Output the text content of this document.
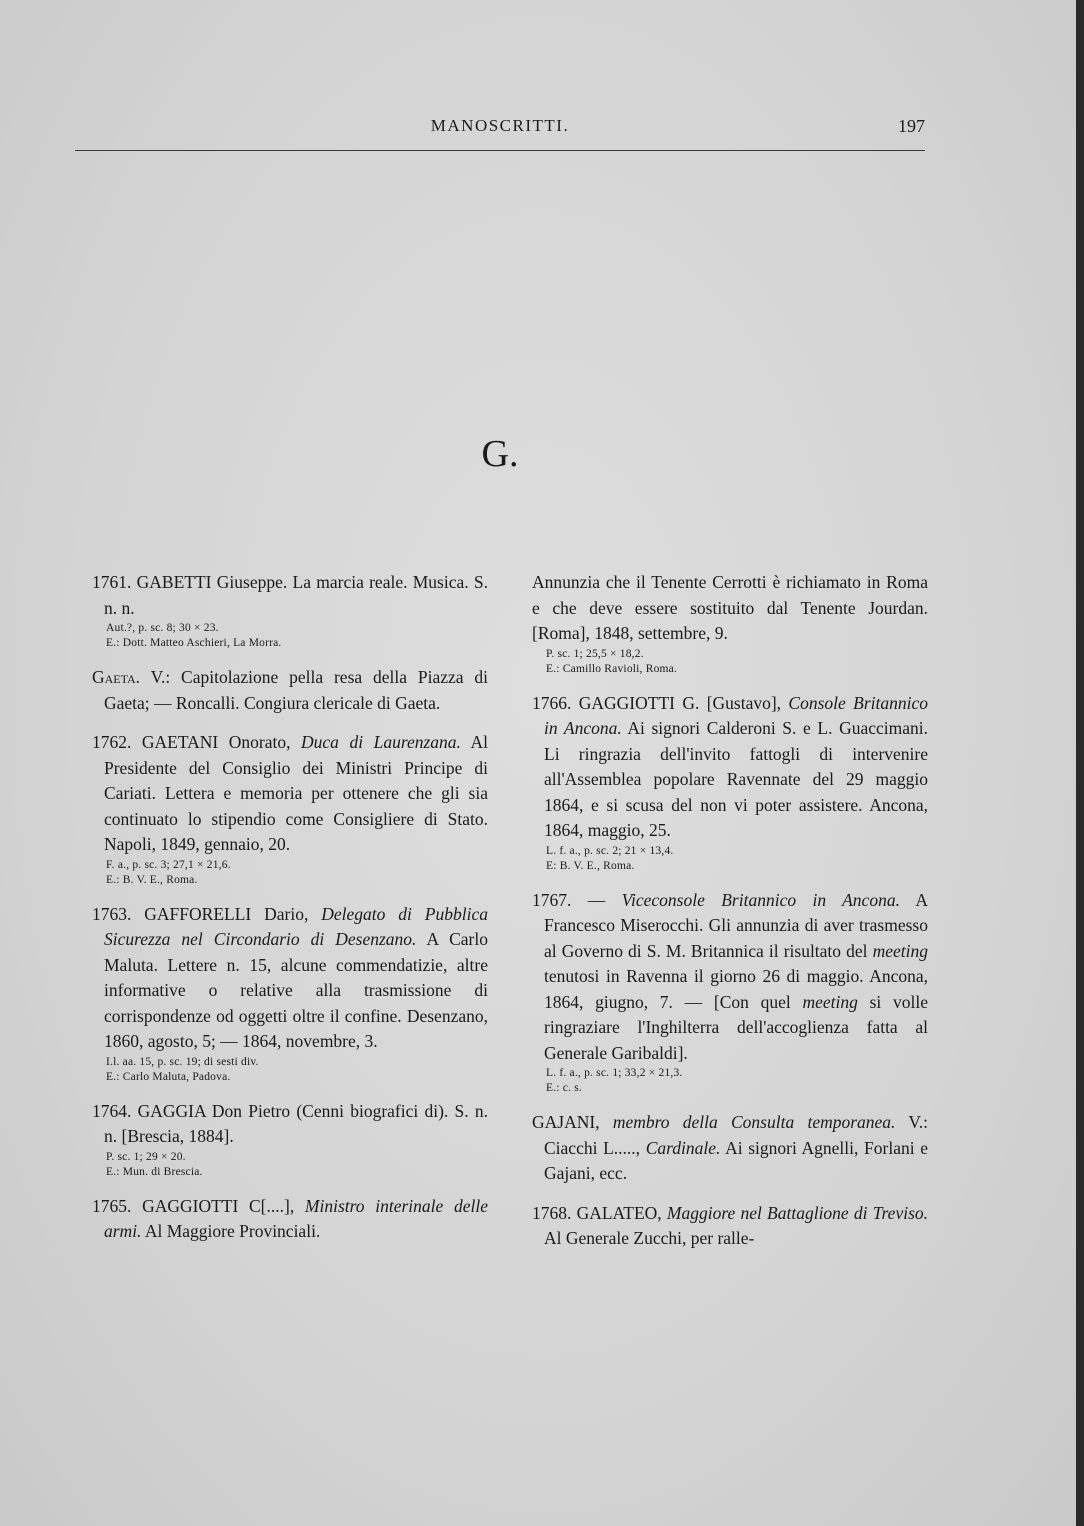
MANOSCRITTI.	197
G.
1761. GABETTI Giuseppe. La marcia reale. Musica. S. n. n.
Aut.?, p. sc. 8; 30 × 23.
E.: Dott. Matteo Aschieri, La Morra.
Gaeta. V.: Capitolazione pella resa della Piazza di Gaeta; — Roncalli. Congiura clericale di Gaeta.
1762. GAETANI Onorato, Duca di Laurenzana. Al Presidente del Consiglio dei Ministri Principe di Cariati. Lettera e memoria per ottenere che gli sia continuato lo stipendio come Consigliere di Stato. Napoli, 1849, gennaio, 20.
F. a., p. sc. 3; 27,1 × 21,6.
E.: B. V. E., Roma.
1763. GAFFORELLI Dario, Delegato di Pubblica Sicurezza nel Circondario di Desenzano. A Carlo Maluta. Lettere n. 15, alcune commendatizie, altre informative o relative alla trasmissione di corrispondenze od oggetti oltre il confine. Desenzano, 1860, agosto, 5; — 1864, novembre, 3.
I.l. aa. 15, p. sc. 19; di sesti div.
E.: Carlo Maluta, Padova.
1764. GAGGIA Don Pietro (Cenni biografici di). S. n. n. [Brescia, 1884].
P. sc. 1; 29 × 20.
E.: Mun. di Brescia.
1765. GAGGIOTTI C[....], Ministro interinale delle armi. Al Maggiore Provinciali.
Annunzia che il Tenente Cerrotti è richiamato in Roma e che deve essere sostituito dal Tenente Jourdan. [Roma], 1848, settembre, 9.
P. sc. 1; 25,5 × 18,2.
E.: Camillo Ravioli, Roma.
1766. GAGGIOTTI G. [Gustavo], Console Britannico in Ancona. Ai signori Calderoni S. e L. Guaccimani. Li ringrazia dell'invito fattogli di intervenire all'Assemblea popolare Ravennate del 29 maggio 1864, e si scusa del non vi poter assistere. Ancona, 1864, maggio, 25.
L. f. a., p. sc. 2; 21 × 13,4.
E: B. V. E., Roma.
1767. — Viceconsole Britannico in Ancona. A Francesco Miserocchi. Gli annunzia di aver trasmesso al Governo di S. M. Britannica il risultato del meeting tenutosi in Ravenna il giorno 26 di maggio. Ancona, 1864, giugno, 7. — [Con quel meeting si volle ringraziare l'Inghilterra dell'accoglienza fatta al Generale Garibaldi].
L. f. a., p. sc. 1; 33,2 × 21,3.
E.: c. s.
GAJANI, membro della Consulta temporanea. V.: Ciacchi L....., Cardinale. Ai signori Agnelli, Forlani e Gajani, ecc.
1768. GALATEO, Maggiore nel Battaglione di Treviso. Al Generale Zucchi, per ralle-
